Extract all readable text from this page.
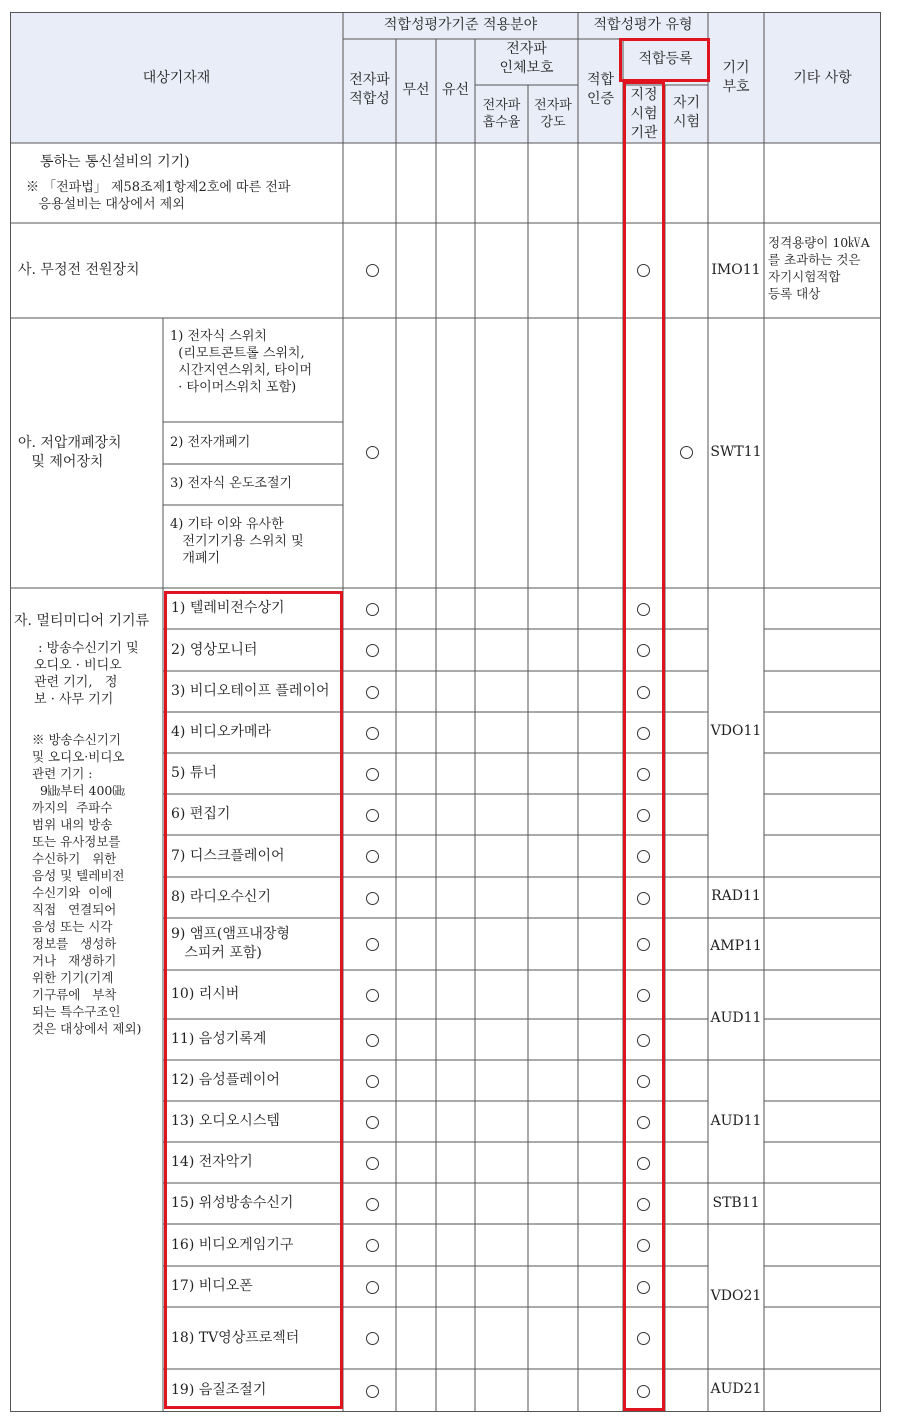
대상기자재
적합성평가기준 적용분야
전자파
적합성
무선 유선
전자파
인체보호
전자파
흡수율
전자파
강도
적합성평가 유형
적합
인증
적합등록
지정
시험
기관
자기
시험
기기
부호
기타 사항
통하는 통신설비의 기기)
※ 「전파법」 제58조제1항제2호에 따른 전파
응용설비는 대상에서 제외
사. 무정전 전원장치	IMO11
정격용량이 10㎸A
를 초과하는 것은
자기시험적합
등록 대상
아. 저압개폐장치
및 제어장치
1) 전자식 스위치
(리모트콘트롤 스위치,
시간지연스위치, 타이머
· 타이머스위치 포함)
2) 전자개폐기
3) 전자식 온도조절기
4) 기타 이와 유사한
전기기기용 스위치 및
개폐기
SWT11
자. 멀티미디어 기기류
: 방송수신기기 및
오디오 · 비디오
관련 기기,   정
보 · 사무 기기
※ 방송수신기기
및 오디오·비디오
관련 기기 :
9㎑부터 400㎓
까지의  주파수
범위 내의 방송
또는 유사정보를
수신하기   위한
음성 및 텔레비전
수신기와  이에
직접   연결되어
음성 또는 시각
정보를   생성하
거나   재생하기
위한 기기(기계
기구류에   부착
되는 특수구조인
것은 대상에서 제외)
1) 텔레비전수상기
2) 영상모니터
3) 비디오테이프 플레이어
4) 비디오카메라
5) 튜너
6) 편집기
7) 디스크플레이어
8) 라디오수신기
9) 앰프(앰프내장형
스피커 포함)
10) 리시버
11) 음성기록계
12) 음성플레이어
13) 오디오시스템
14) 전자악기
15) 위성방송수신기
16) 비디오게임기구
17) 비디오폰
18) TV영상프로젝터
19) 음질조절기
VDO11
RAD11
AMP11
AUD11
AUD11
STB11
VDO21
AUD21
